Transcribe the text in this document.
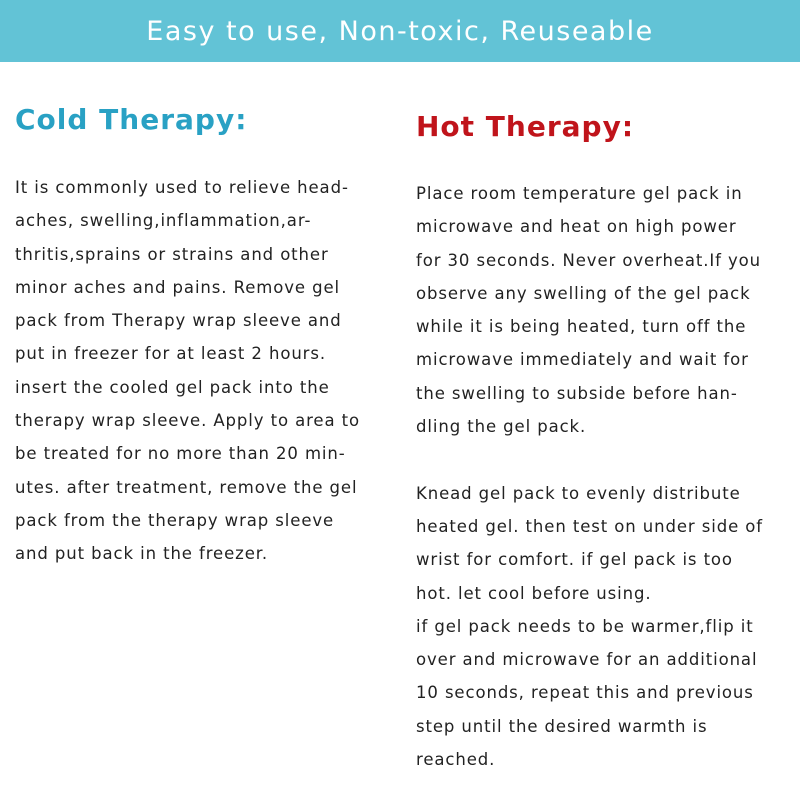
Easy to use, Non-toxic, Reuseable
Cold Therapy:
It is commonly used to relieve head-
aches, swelling,inflammation,ar-
thritis,sprains or strains and other
minor aches and pains. Remove gel
pack from Therapy wrap sleeve and
put in freezer for at least 2 hours.
insert the cooled gel pack into the
therapy wrap sleeve. Apply to area to
be treated for no more than 20 min-
utes. after treatment, remove the gel
pack from the therapy wrap sleeve
and put back in the freezer.
Hot Therapy:
Place room temperature gel pack in
microwave and heat on high power
for 30 seconds. Never overheat.If you
observe any swelling of the gel pack
while it is being heated, turn off the
microwave immediately and wait for
the swelling to subside before han-
dling the gel pack.
Knead gel pack to evenly distribute
heated gel. then test on under side of
wrist for comfort. if gel pack is too
hot. let cool before using.
if gel pack needs to be warmer,flip it
over and microwave for an additional
10 seconds, repeat this and previous
step until the desired warmth is
reached.
